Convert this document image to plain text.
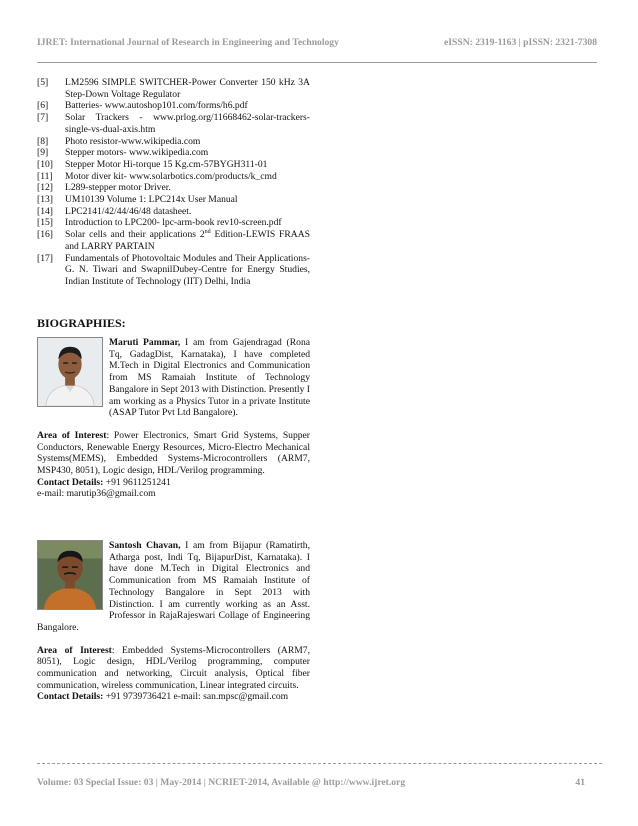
IJRET: International Journal of Research in Engineering and Technology	eISSN: 2319-1163 | pISSN: 2321-7308
[5]	LM2596 SIMPLE SWITCHER-Power Converter 150 kHz 3A Step-Down Voltage Regulator
[6]	Batteries- www.autoshop101.com/forms/h6.pdf
[7]	Solar Trackers - www.prlog.org/11668462-solar-trackers-single-vs-dual-axis.htm
[8]	Photo resistor-www.wikipedia.com
[9]	Stepper motors- www.wikipedia.com
[10]	Stepper Motor Hi-torque 15 Kg.cm-57BYGH311-01
[11]	Motor diver kit- www.solarbotics.com/products/k_cmd
[12]	L289-stepper motor Driver.
[13]	UM10139 Volume 1: LPC214x User Manual
[14]	LPC2141/42/44/46/48 datasheet.
[15]	Introduction to LPC200- lpc-arm-book rev10-screen.pdf
[16]	Solar cells and their applications 2nd Edition-LEWIS FRAAS and LARRY PARTAIN
[17]	Fundamentals of Photovoltaic Modules and Their Applications- G. N. Tiwari and SwapnilDubey-Centre for Energy Studies, Indian Institute of Technology (IIT) Delhi, India
BIOGRAPHIES:

Maruti Pammar, I am from Gajendragad (Rona Tq, GadagDist, Karnataka), I have completed M.Tech in Digital Electronics and Communication from MS Ramaiah Institute of Technology Bangalore in Sept 2013 with Distinction. Presently I am working as a Physics Tutor in a private Institute (ASAP Tutor Pvt Ltd Bangalore).

Area of Interest: Power Electronics, Smart Grid Systems, Supper Conductors, Renewable Energy Resources, Micro-Electro Mechanical Systems(MEMS), Embedded Systems-Microcontrollers (ARM7, MSP430, 8051), Logic design, HDL/Verilog programming.

Contact Details: +91 9611251241

e-mail: marutip36@gmail.com

Santosh Chavan, I am from Bijapur (Ramatirth, Atharga post, Indi Tq, BijapurDist, Karnataka). I have done M.Tech in Digital Electronics and Communication from MS Ramaiah Institute of Technology Bangalore in Sept 2013 with Distinction. I am currently working as an Asst. Professor in RajaRajeswari Collage of Engineering Bangalore.

Area of Interest: Embedded Systems-Microcontrollers (ARM7, 8051), Logic design, HDL/Verilog programming, computer communication and networking, Circuit analysis, Optical fiber communication, wireless communication, Linear integrated circuits.

Contact Details: +91 9739736421 e-mail: san.mpsc@gmail.com

Volume: 03 Special Issue: 03 | May-2014 | NCRIET-2014, Available @ http://www.ijret.org	41
